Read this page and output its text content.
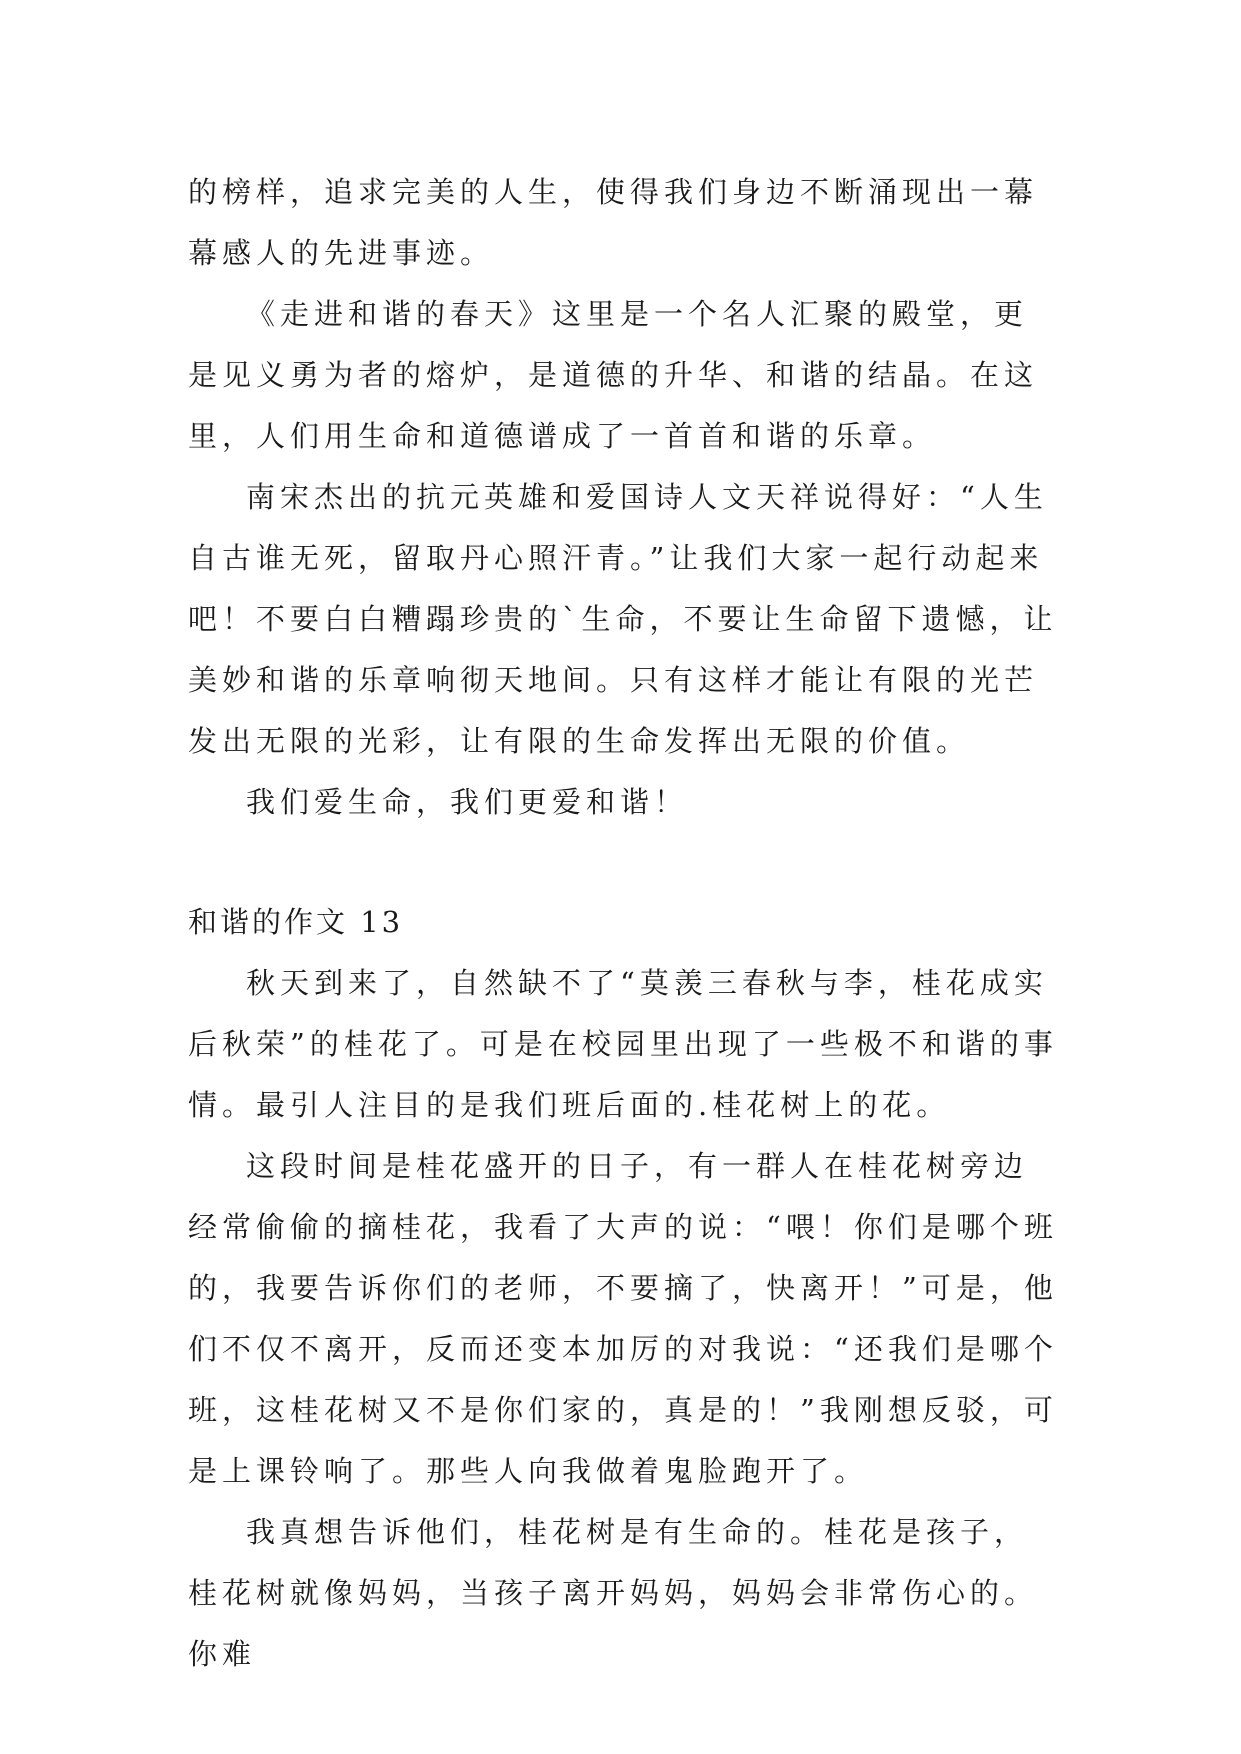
的榜样，追求完美的人生，使得我们身边不断涌现出一幕幕感人的先进事迹。

《走进和谐的春天》这里是一个名人汇聚的殿堂，更是见义勇为者的熔炉，是道德的升华、和谐的结晶。在这里，人们用生命和道德谱成了一首首和谐的乐章。

南宋杰出的抗元英雄和爱国诗人文天祥说得好：“人生自古谁无死，留取丹心照汗青。”让我们大家一起行动起来吧！不要白白糟蹋珍贵的`生命，不要让生命留下遗憾，让美妙和谐的乐章响彻天地间。只有这样才能让有限的光芒发出无限的光彩，让有限的生命发挥出无限的价值。

我们爱生命，我们更爱和谐！

和谐的作文 13

秋天到来了，自然缺不了“莫羡三春秋与李，桂花成实后秋荣”的桂花了。可是在校园里出现了一些极不和谐的事情。最引人注目的是我们班后面的.桂花树上的花。

这段时间是桂花盛开的日子，有一群人在桂花树旁边经常偷偷的摘桂花，我看了大声的说：“喂！你们是哪个班的，我要告诉你们的老师，不要摘了，快离开！”可是，他们不仅不离开，反而还变本加厉的对我说：“还我们是哪个班，这桂花树又不是你们家的，真是的！”我刚想反驳，可是上课铃响了。那些人向我做着鬼脸跑开了。

我真想告诉他们，桂花树是有生命的。桂花是孩子，桂花树就像妈妈，当孩子离开妈妈，妈妈会非常伤心的。你难
